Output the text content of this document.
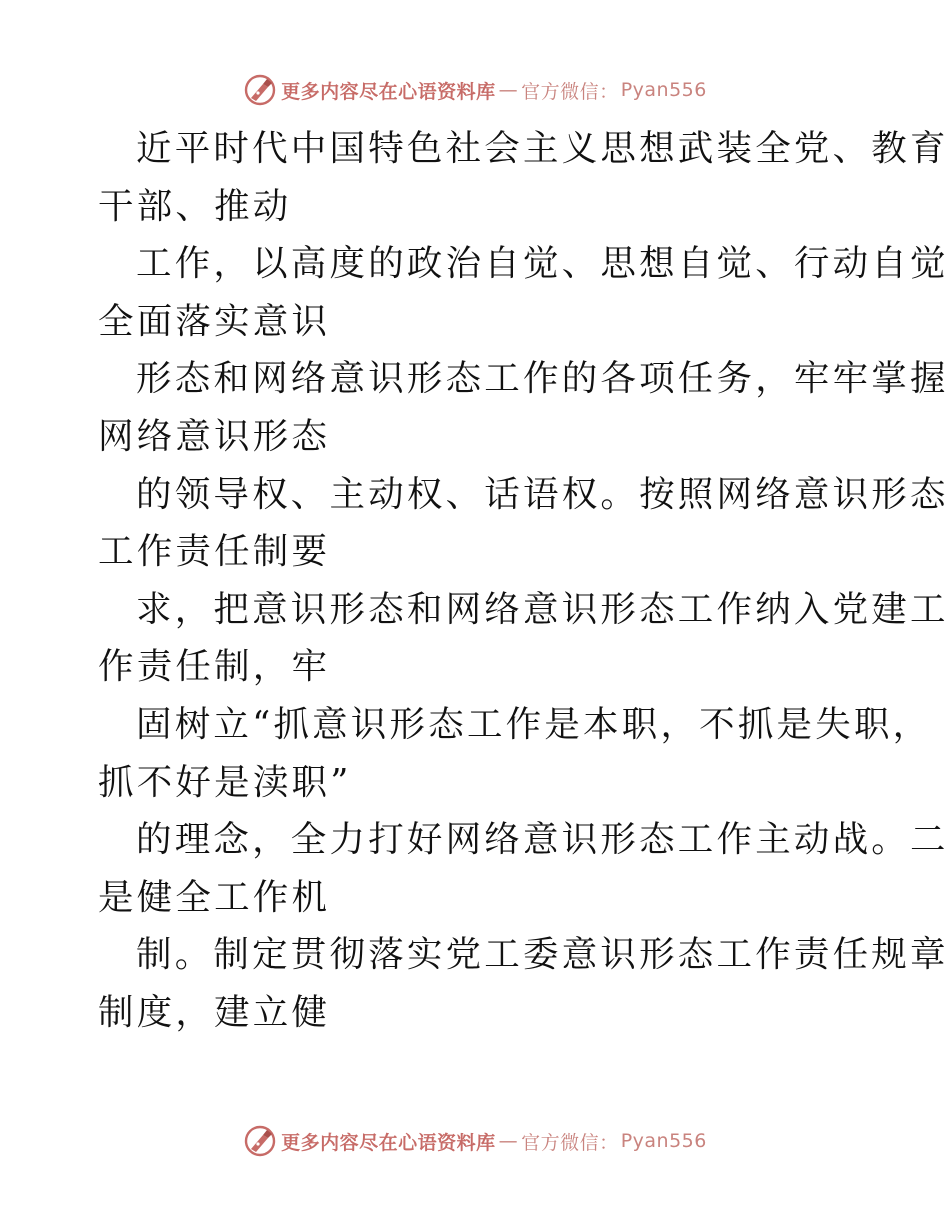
更多内容尽在心语资料库 — 官方微信： Pyan556
近平时代中国特色社会主义思想武装全党、教育
干部、推动
工作，以高度的政治自觉、思想自觉、行动自觉
全面落实意识
形态和网络意识形态工作的各项任务，牢牢掌握
网络意识形态
的领导权、主动权、话语权。按照网络意识形态
工作责任制要
求，把意识形态和网络意识形态工作纳入党建工
作责任制，牢
固树立“抓意识形态工作是本职，不抓是失职，
抓不好是渎职”
的理念，全力打好网络意识形态工作主动战。二
是健全工作机
制。制定贯彻落实党工委意识形态工作责任规章
制度，建立健
更多内容尽在心语资料库 — 官方微信： Pyan556
